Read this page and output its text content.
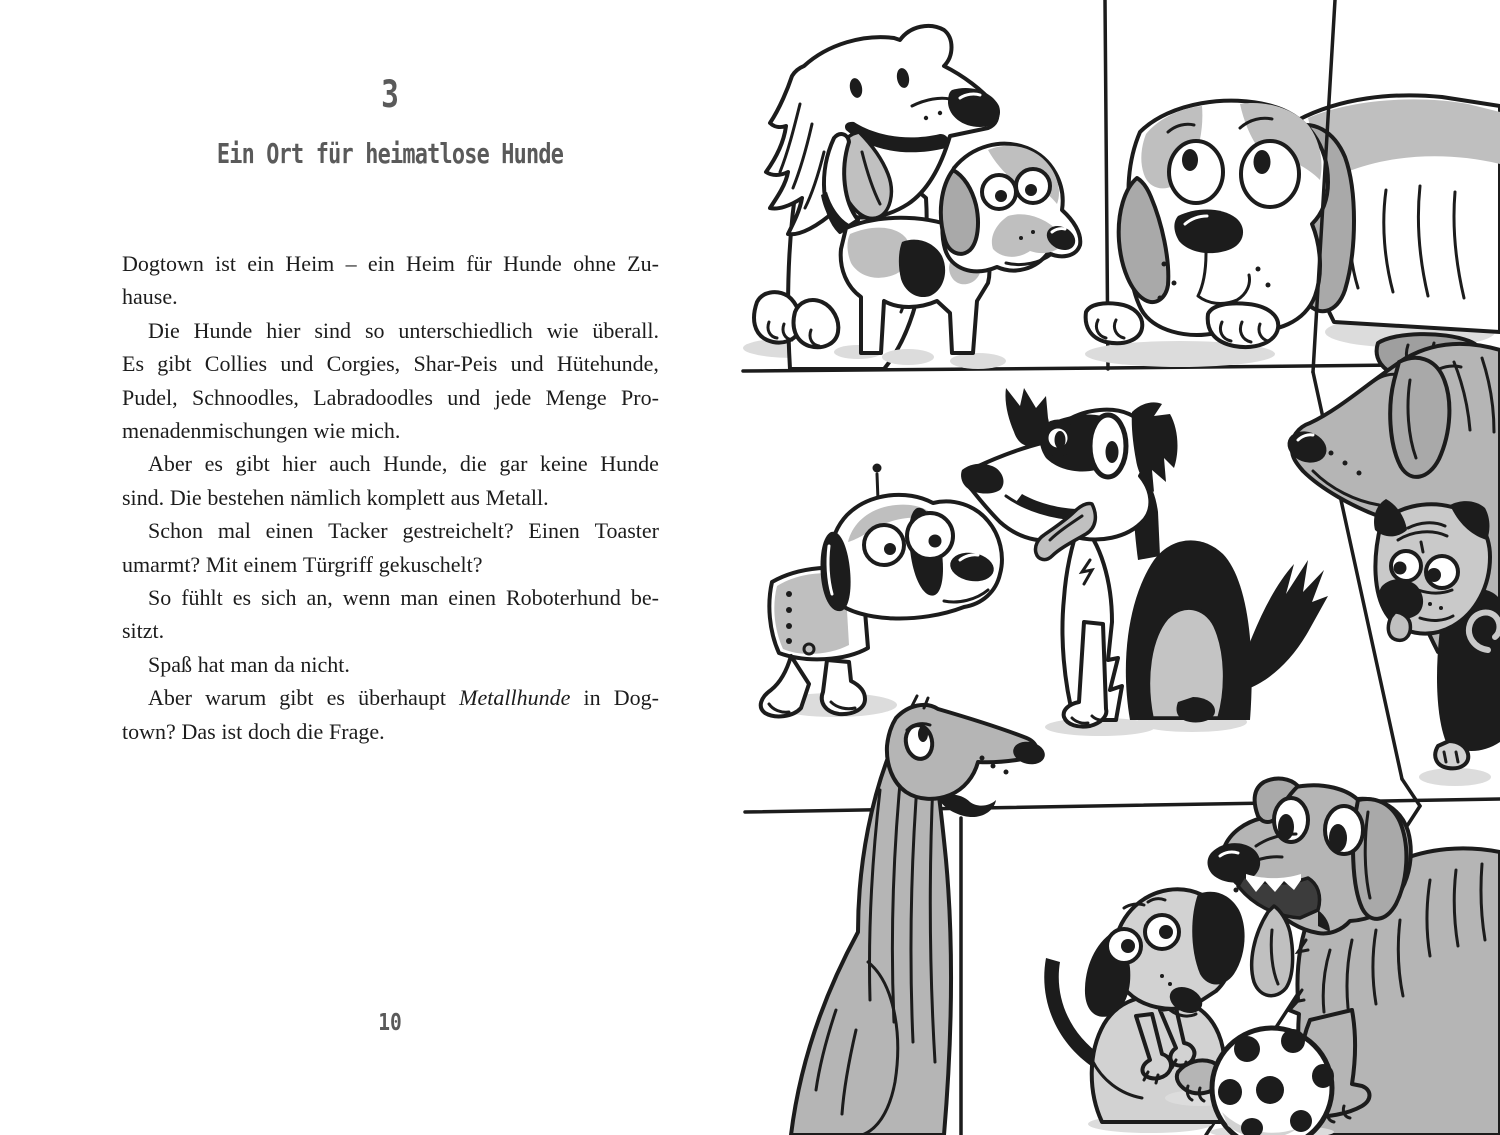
3
Ein Ort für heimatlose Hunde
Dogtown ist ein Heim – ein Heim für Hunde ohne Zu-
hause.
Die Hunde hier sind so unterschiedlich wie überall.
Es gibt Collies und Corgies, Shar-Peis und Hütehunde,
Pudel, Schnoodles, Labradoodles und jede Menge Pro-
menadenmischungen wie mich.
Aber es gibt hier auch Hunde, die gar keine Hunde
sind. Die bestehen nämlich komplett aus Metall.
Schon mal einen Tacker gestreichelt? Einen Toaster
umarmt? Mit einem Türgriff gekuschelt?
So fühlt es sich an, wenn man einen Roboterhund be-
sitzt.
Spaß hat man da nicht.
Aber warum gibt es überhaupt Metallhunde in Dog-
town? Das ist doch die Frage.
10
